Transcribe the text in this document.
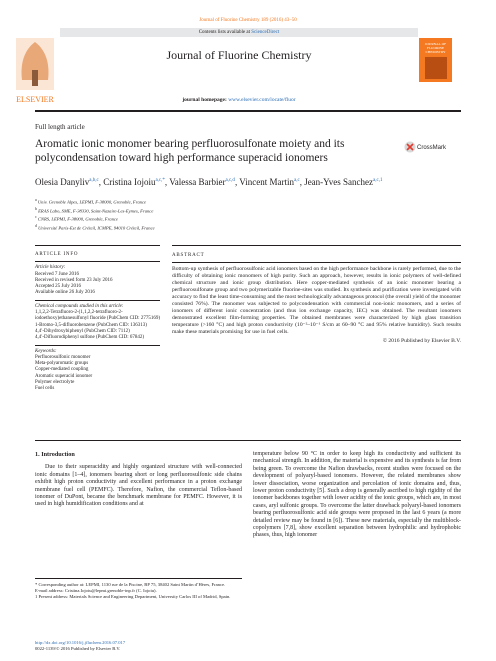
Journal of Fluorine Chemistry 189 (2016) 43–50
ELSEVIER
Contents lists available at ScienceDirect
Journal of Fluorine Chemistry
journal homepage: www.elsevier.com/locate/fluor
JOURNAL OF FLUORINE CHEMISTRY
Full length article
Aromatic ionic monomer bearing perfluorosulfonate moiety and its polycondensation toward high performance superacid ionomers
CrossMark
Olesia Danyliv$^{a,b,c}$, Cristina Iojoiu$^{a,c,*}$, Valessa Barbier$^{a,c,d}$, Vincent Martin$^{a,c}$, Jean-Yves Sanchez$^{a,c,1}$
$^a$ Univ. Grenoble Alpes, LEPMI, F-38000, Grenoble, France
$^b$ ERAS Labo, SME, F-38330, Saint-Nazaire-Les-Eymes, France
$^c$ CNRS, LEPMI, F-38000, Grenoble, France
$^d$ Université Paris-Est de Créteil, ICMPE, 94010 Créteil, France
ARTICLE INFO
Article history:
Received 7 June 2016
Received in revised form 23 July 2016
Accepted 25 July 2016
Available online 26 July 2016
Chemical compounds studied in this article:
1,1,2,2-Tetrafluoro-2-(1,1,2,2-tetrafluoro-2-iodoethoxy)ethanesulfonyl fluoride (PubChem CID: 2775169)
1-Bromo-3,5-difluorobenzene (PubChem CID: 136313)
4,4′-Dihydroxybiphenyl (PubChem CID: 7112)
4,4′-Difluorodiphenyl sulfone (PubChem CID: 67842)
Keywords:
Perfluorosulfonic monomer
Meta-polyaromatic groups
Copper-mediated coupling
Aromatic superacid ionomer
Polymer electrolyte
Fuel cells
ABSTRACT
Bottom-up synthesis of perfluorosulfonic acid ionomers based on the high performance backbone is rarely performed, due to the difficulty of obtaining ionic monomers of high purity. Such an approach, however, results in ionic polymers of well-defined chemical structure and ionic group distribution. Here copper-mediated synthesis of an ionic monomer bearing a perfluorosulfonate group and two polymerizable fluorine-sites was studied. Its synthesis and purification were investigated with accuracy to find the least time-consuming and the most technologically advantageous protocol (the overall yield of the monomer consisted 76%). The monomer was subjected to polycondensation with commercial non-ionic monomers, and a series of ionomers of different ionic concentration (and thus ion exchange capacity, IEC) was obtained. The resultant ionomers demonstrated excellent film-forming properties. The obtained membranes were characterized by high glass transition temperature (>160 °C) and high proton conductivity (10⁻²–10⁻¹ S/cm at 60–90 °C and 95% relative humidity). Such results make these materials promising for use in fuel cells.
© 2016 Published by Elsevier B.V.
1. Introduction

Due to their superacidity and highly organized structure with well-connected ionic domains [1–4], ionomers bearing short or long perfluorosulfonic side chains exhibit high proton conductivity and excellent performance in a proton exchange membrane fuel cell (PEMFC). Therefore, Nafion, the commercial Teflon-based ionomer of DuPont, became the benchmark membrane for PEMFC. However, it is used in high humidification conditions and at

temperature below 90 °C in order to keep high its conductivity and sufficient its mechanical strength. In addition, the material is expensive and its synthesis is far from being green. To overcome the Nafion drawbacks, recent studies were focused on the development of polyaryl-based ionomers. However, the related membranes show lower dissociation, worse organization and percolation of ionic domains and, thus, lower proton conductivity [5]. Such a drop is generally ascribed to high rigidity of the ionomer backbones together with lower acidity of the ionic groups, which are, in most cases, aryl sulfonic groups. To overcome the latter drawback polyaryl-based ionomers bearing perfluorosulfonic acid side groups were proposed in the last 6 years (a more detailed review may be found in [6]). These new materials, especially the multiblock-copolymers [7,8], show excellent separation between hydrophilic and hydrophobic phases, thus, high ionomer

* Corresponding author at: LEPMI, 1130 rue de la Piscine, BP 75, 38402 Saint Martin d’Hères, France.
E-mail address: Cristina.Iojoiu@lepmi.grenoble-inp.fr (C. Iojoiu).
1 Present address: Materials Science and Engineering Department, University Carlos III of Madrid, Spain.
http://dx.doi.org/10.1016/j.jfluchem.2016.07.017
0022-1139/© 2016 Published by Elsevier B.V.
